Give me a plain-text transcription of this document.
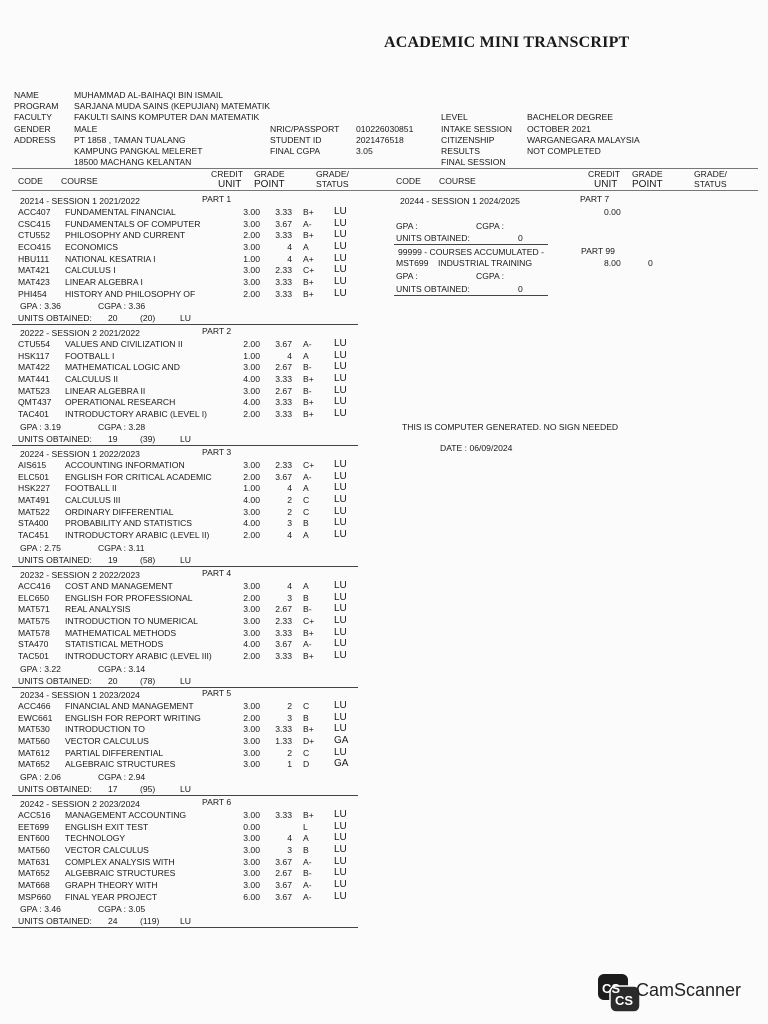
ACADEMIC MINI TRANSCRIPT
NAME	MUHAMMAD AL-BAIHAQI BIN ISMAIL
PROGRAM SARJANA MUDA SAINS (KEPUJIAN) MATEMATIK
FACULTY	FAKULTI SAINS KOMPUTER DAN MATEMATIK
GENDER	MALE
ADDRESS PT 1858 , TAMAN TUALANG
KAMPUNG PANGKAL MELERET
18500 MACHANG KELANTAN
NRIC/PASSPORT 010226030851
STUDENT ID	2021476518
FINAL CGPA	3.05
LEVEL	BACHELOR DEGREE
INTAKE SESSION OCTOBER 2021
CITIZENSHIP	WARGANEGARA MALAYSIA
RESULTS	NOT COMPLETED
FINAL SESSION
CODE COURSE
CREDIT
UNIT
GRADE
POINT
GRADE/
STATUS	CODE COURSE
CREDIT
UNIT
GRADE
POINT
GRADE/
STATUS
20214 - SESSION 1 2021/2022	PART 1
ACC407 FUNDAMENTAL FINANCIAL	3.00	3.33 B+ LU
CSC415 FUNDAMENTALS OF COMPUTER	3.00	3.67 A- LU
CTU552 PHILOSOPHY AND CURRENT	2.00	3.33 B+ LU
ECO415 ECONOMICS	3.00	4 A	LU
HBU111 NATIONAL KESATRIA I	1.00	4 A+ LU
MAT421 CALCULUS I	3.00	2.33 C+ LU
MAT423 LINEAR ALGEBRA I	3.00	3.33 B+ LU
PHI454 HISTORY AND PHILOSOPHY OF	2.00	3.33 B+ LU
GPA : 3.36	CGPA : 3.36
UNITS OBTAINED: 20	(20)	LU
20222 - SESSION 2 2021/2022	PART 2
CTU554 VALUES AND CIVILIZATION II	2.00	3.67 A- LU
HSK117 FOOTBALL I	1.00	4 A	LU
MAT422 MATHEMATICAL LOGIC AND	3.00	2.67 B- LU
MAT441 CALCULUS II	4.00	3.33 B+ LU
MAT523 LINEAR ALGEBRA II	3.00	2.67 B- LU
QMT437 OPERATIONAL RESEARCH	4.00	3.33 B+ LU
TAC401 INTRODUCTORY ARABIC (LEVEL I)	2.00	3.33 B+ LU
GPA : 3.19	CGPA : 3.28
UNITS OBTAINED: 19	(39)	LU
20224 - SESSION 1 2022/2023	PART 3
AIS615 ACCOUNTING INFORMATION	3.00	2.33 C+ LU
ELC501 ENGLISH FOR CRITICAL ACADEMIC	2.00	3.67 A- LU
HSK227 FOOTBALL II	1.00	4 A	LU
MAT491 CALCULUS III	4.00	2 C LU
MAT522 ORDINARY DIFFERENTIAL	3.00	2 C LU
STA400 PROBABILITY AND STATISTICS	4.00	3 B	LU
TAC451 INTRODUCTORY ARABIC (LEVEL II)	2.00	4 A	LU
GPA : 2.75	CGPA : 3.11
UNITS OBTAINED: 19	(58)	LU
20232 - SESSION 2 2022/2023	PART 4
ACC416 COST AND MANAGEMENT	3.00	4 A	LU
ELC650 ENGLISH FOR PROFESSIONAL	2.00	3 B	LU
MAT571 REAL ANALYSIS	3.00	2.67 B- LU
MAT575 INTRODUCTION TO NUMERICAL	3.00	2.33 C+ LU
MAT578 MATHEMATICAL METHODS	3.00	3.33 B+ LU
STA470 STATISTICAL METHODS	4.00	3.67 A- LU
TAC501 INTRODUCTORY ARABIC (LEVEL III)	2.00	3.33 B+ LU
GPA : 3.22	CGPA : 3.14
UNITS OBTAINED: 20	(78)	LU
20234 - SESSION 1 2023/2024	PART 5
ACC466 FINANCIAL AND MANAGEMENT	3.00	2 C LU
EWC661 ENGLISH FOR REPORT WRITING	2.00	3 B	LU
MAT530 INTRODUCTION TO	3.00	3.33 B+ LU
MAT560 VECTOR CALCULUS	3.00	1.33 D+ GA
MAT612 PARTIAL DIFFERENTIAL	3.00	2 C LU
MAT652 ALGEBRAIC STRUCTURES	3.00	1 D GA
GPA : 2.06	CGPA : 2.94
UNITS OBTAINED: 17	(95)	LU
20242 - SESSION 2 2023/2024	PART 6
ACC516 MANAGEMENT ACCOUNTING	3.00	3.33 B+ LU
EET699 ENGLISH EXIT TEST	0.00	L	LU
ENT600 TECHNOLOGY	3.00	4 A	LU
MAT560 VECTOR CALCULUS	3.00	3 B	LU
MAT631 COMPLEX ANALYSIS WITH	3.00	3.67 A- LU
MAT652 ALGEBRAIC STRUCTURES	3.00	2.67 B- LU
MAT668 GRAPH THEORY WITH	3.00	3.67 A- LU
MSP660 FINAL YEAR PROJECT	6.00	3.67 A- LU
GPA : 3.46	CGPA : 3.05
UNITS OBTAINED: 24	(119) LU
20244 - SESSION 1 2024/2025	PART 7
0.00
GPA :	CGPA :
UNITS OBTAINED:	0
99999 - COURSES ACCUMULATED -	PART 99
MST699 INDUSTRIAL TRAINING	8.00	0
GPA :	CGPA :
UNITS OBTAINED:	0
THIS IS COMPUTER GENERATED. NO SIGN NEEDED
DATE : 06/09/2024
CS
CS
CamScanner
